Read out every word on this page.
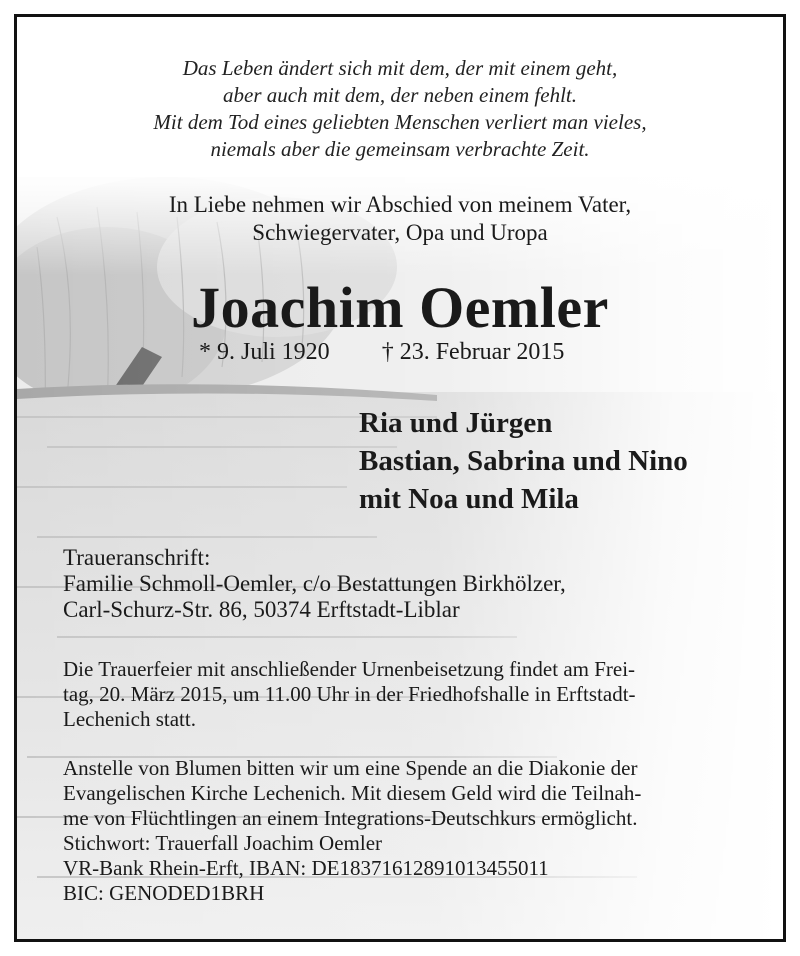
Das Leben ändert sich mit dem, der mit einem geht,
aber auch mit dem, der neben einem fehlt.
Mit dem Tod eines geliebten Menschen verliert man vieles,
niemals aber die gemeinsam verbrachte Zeit.
In Liebe nehmen wir Abschied von meinem Vater,
Schwiegervater, Opa und Uropa
Joachim Oemler
* 9. Juli 1920 † 23. Februar 2015
Ria und Jürgen
Bastian, Sabrina und Nino
mit Noa und Mila
Traueranschrift:
Familie Schmoll-Oemler, c/o Bestattungen Birkhölzer,
Carl-Schurz-Str. 86, 50374 Erftstadt-Liblar
Die Trauerfeier mit anschließender Urnenbeisetzung findet am Frei-
tag, 20. März 2015, um 11.00 Uhr in der Friedhofshalle in Erftstadt-
Lechenich statt.
Anstelle von Blumen bitten wir um eine Spende an die Diakonie der
Evangelischen Kirche Lechenich. Mit diesem Geld wird die Teilnah-
me von Flüchtlingen an einem Integrations-Deutschkurs ermöglicht.
Stichwort: Trauerfall Joachim Oemler
VR-Bank Rhein-Erft, IBAN: DE18371612891013455011
BIC: GENODED1BRH
